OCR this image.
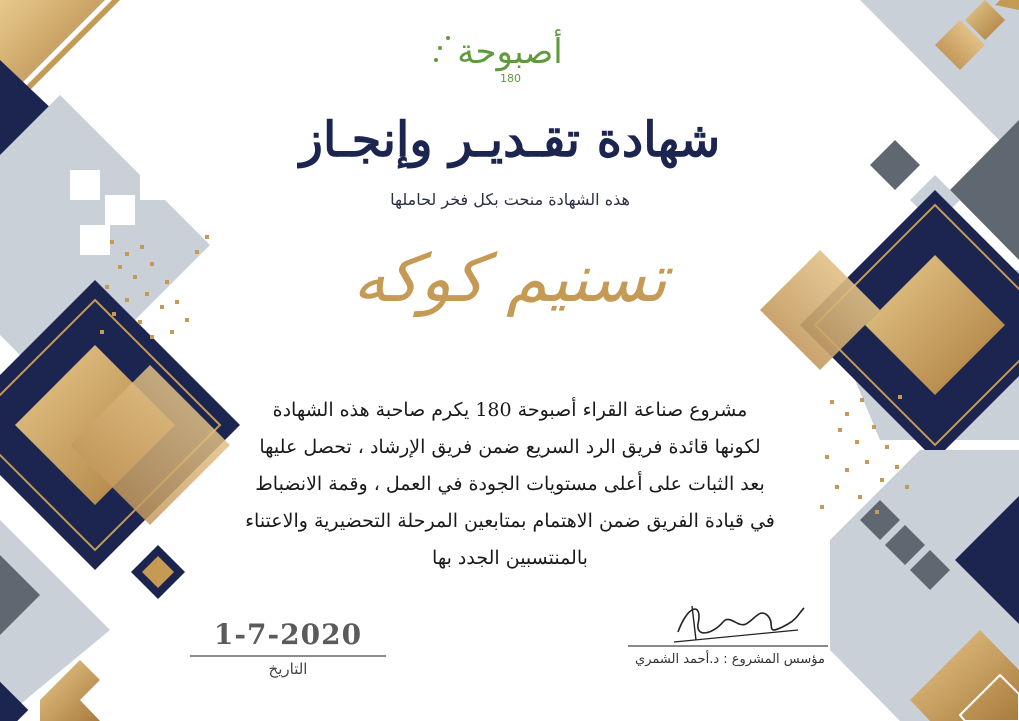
أصبوحة
180
شهادة تقـديـر وإنجـاز
هذه الشهادة منحت بكل فخر لحاملها
تسنيم كوكه
مشروع صناعة القراء أصبوحة 180 يكرم صاحبة هذه الشهادة
لكونها قائدة فريق الرد السريع ضمن فريق الإرشاد ، تحصل عليها
بعد الثبات على أعلى مستويات الجودة في العمل ، وقمة الانضباط
في قيادة الفريق ضمن الاهتمام بمتابعين المرحلة التحضيرية والاعتناء
بالمنتسبين الجدد بها
1-7-2020
التاريخ
مؤسس المشروع : د.أحمد الشمري
